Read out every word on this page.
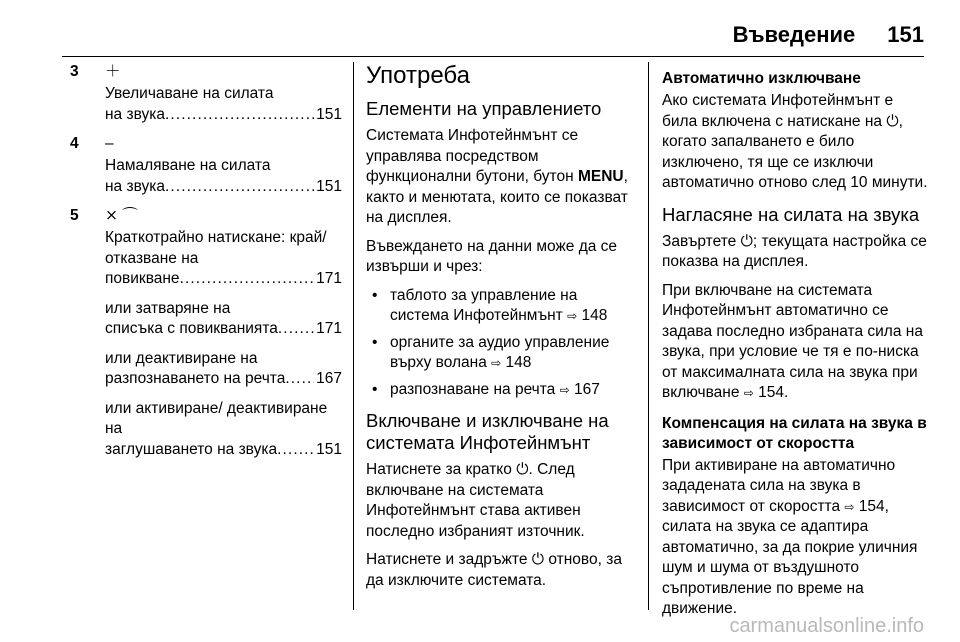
Въведение 151
3 ＋

Увеличаване на силата
на звука . . .	151

4 –

Намаляване на силата
на звука . . .	151

5 ⨯ ⌒

Краткотрайно натискане: край/отказване на
повикване . . .	171

или затваряне на
списъка с повикванията . . . 171

или деактивиране на
разпознаването на речта . . . 167

или активиране/ деактивиране на
заглушаването на звука . . .	151

Употреба
Елементи на управлението

Системата Инфотейнмънт се управлява посредством функционални бутони, бутон MENU, както и менютата, които се показват на дисплея.

Въвеждането на данни може да се извърши и чрез:

• таблото за управление на система Инфотейнмънт ⇨ 148
• органите за аудио управление върху волана ⇨ 148
• разпознаване на речта ⇨ 167
Включване и изключване на системата Инфотейнмънт

Натиснете за кратко ⏻. След включване на системата Инфотейнмънт става активен последно избраният източник.

Натиснете и задръжте ⏻ отново, за да изключите системата.

Автоматично изключване

Ако системата Инфотейнмънт е била включена с натискане на ⏻, когато запалването е било изключено, тя ще се изключи автоматично отново след 10 минути.

Нагласяне на силата на звука

Завъртете ⏻; текущата настройка се показва на дисплея.

При включване на системата Инфотейнмънт автоматично се задава последно избраната сила на звука, при условие че тя е по-ниска от максималната сила на звука при включване ⇨ 154.

Компенсация на силата на звука в зависимост от скоростта

При активиране на автоматично зададената сила на звука в зависимост от скоростта ⇨ 154, силата на звука се адаптира автоматично, за да покрие уличния шум и шума от въздушното съпротивление по време на движение.

carmanualsonline.info
